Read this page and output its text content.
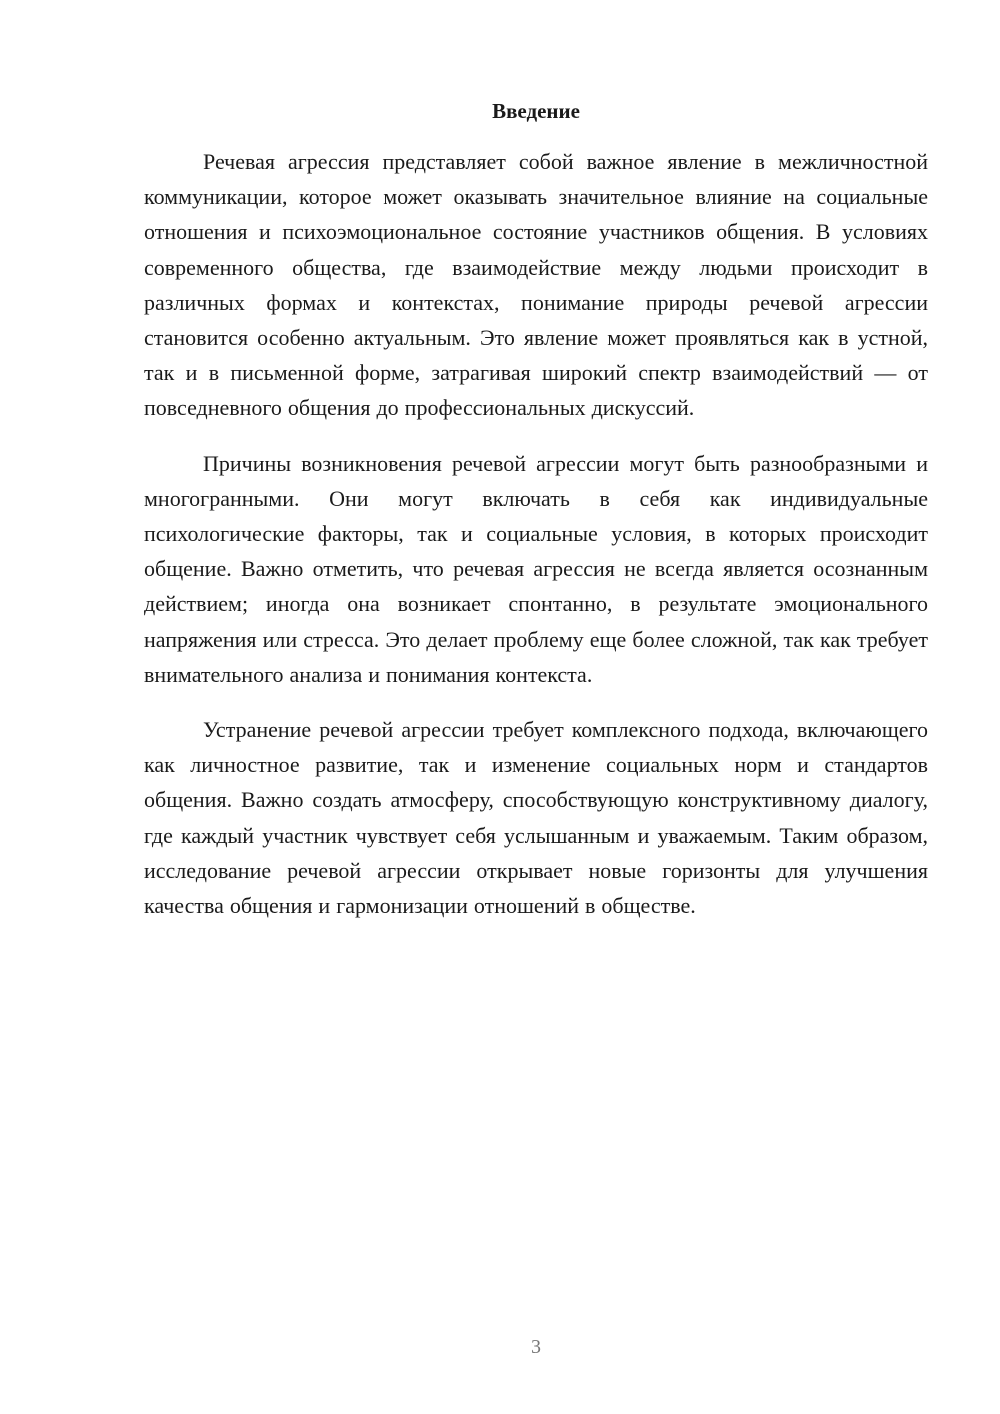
Введение

Речевая агрессия представляет собой важное явление в межличностной коммуникации, которое может оказывать значительное влияние на социальные отношения и психоэмоциональное состояние участников общения. В условиях современного общества, где взаимодействие между людьми происходит в различных формах и контекстах, понимание природы речевой агрессии становится особенно актуальным. Это явление может проявляться как в устной, так и в письменной форме, затрагивая широкий спектр взаимодействий — от повседневного общения до профессиональных дискуссий.

Причины возникновения речевой агрессии могут быть разнообразными и многогранными. Они могут включать в себя как индивидуальные психологические факторы, так и социальные условия, в которых происходит общение. Важно отметить, что речевая агрессия не всегда является осознанным действием; иногда она возникает спонтанно, в результате эмоционального напряжения или стресса. Это делает проблему еще более сложной, так как требует внимательного анализа и понимания контекста.

Устранение речевой агрессии требует комплексного подхода, включающего как личностное развитие, так и изменение социальных норм и стандартов общения. Важно создать атмосферу, способствующую конструктивному диалогу, где каждый участник чувствует себя услышанным и уважаемым. Таким образом, исследование речевой агрессии открывает новые горизонты для улучшения качества общения и гармонизации отношений в обществе.

3
